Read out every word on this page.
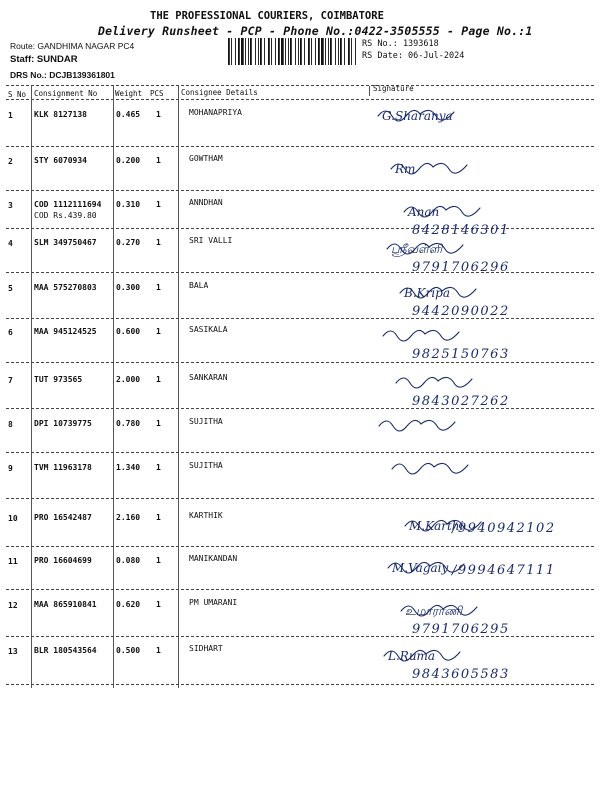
THE PROFESSIONAL COURIERS, COIMBATORE
Delivery Runsheet - PCP - Phone No.:0422-3505555 - Page No.:1
Route: GANDHIMA NAGAR PC4
Staff: SUNDAR
DRS No.: DCJB139361801
RS No.: 1393618
RS Date: 06-Jul-2024
S No Consignment No Weight PCS Consignee Details	Signature
1	KLK 8127138	0.465 1	MOHANAPRIYA	G.Sharanya
2	STY 6070934	0.200 1	GOWTHAM
Rm
3	COD 1112111694 0.310 1	ANNDHAN
COD Rs.439.80	Anan
8428146301
4	SLM 349750467 0.270 1	SRI VALLI
ஸ்ரீவள்ளி
9791706296
5	MAA 575270803 0.300 1	BALA
B.Kripa
9442090022
6	MAA 945124525 0.600 1	SASIKALA
9825150763
7	TUT 973565	2.000 1	SANKARAN
9843027262
8	DPI 10739775	0.780 1	SUJITHA
9	TVM 11963178	1.340 1	SUJITHA
10 PRO 16542487	2.160 1	KARTHIK
M.Karthi
/9940942102
11 PRO 16604699	0.080 1	MANIKANDAN
M.Vagaiy /9994647111
12 MAA 865910841 0.620 1	PM UMARANI
உமாராணி
9791706295
13 BLR 180543564 0.500 1	SIDHART
L.Ruma
9843605583
